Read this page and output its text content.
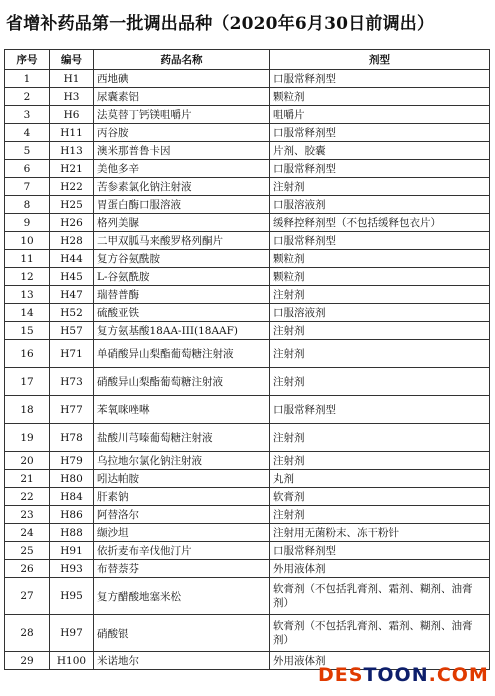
省增补药品第一批调出品种（2020年6月30日前调出）
序号	编号	药品名称	剂型
1	H1	西地碘	口服常释剂型
2	H3	尿囊素铝	颗粒剂
3	H6	法莫替丁钙镁咀嚼片	咀嚼片
4	H11	丙谷胺	口服常释剂型
5	H13	澳米那普鲁卡因	片剂、胶囊
6	H21	美他多辛	口服常释剂型
7	H22	苦参素氯化钠注射液	注射剂
8	H25	胃蛋白酶口服溶液	口服溶液剂
9	H26	格列美脲	缓释控释剂型（不包括缓释包衣片）
10	H28	二甲双胍马来酸罗格列酮片	口服常释剂型
11	H44	复方谷氨酰胺	颗粒剂
12	H45	L-谷氨酰胺	颗粒剂
13	H47	瑞替普酶	注射剂
14	H52	硫酸亚铁	口服溶液剂
15	H57	复方氨基酸18AA-III(18AAF)	注射剂
16	H71	单硝酸异山梨酯葡萄糖注射液	注射剂
17	H73	硝酸异山梨酯葡萄糖注射液	注射剂
18	H77	苯氧咪唑啉	口服常释剂型
19	H78	盐酸川芎嗪葡萄糖注射液	注射剂
20	H79	乌拉地尔氯化钠注射液	注射剂
21	H80	吲达帕胺	丸剂
22	H84	肝素钠	软膏剂
23	H86	阿替洛尔	注射剂
24	H88	缬沙坦	注射用无菌粉末、冻干粉针
25	H91	依折麦布辛伐他汀片	口服常释剂型
26	H93	布替萘芬	外用液体剂
27	H95	复方醋酸地塞米松	软膏剂（不包括乳膏剂、霜剂、糊剂、油膏剂）
28	H97	硝酸银	软膏剂（不包括乳膏剂、霜剂、糊剂、油膏剂）
29	H100	米诺地尔	外用液体剂
DESTOON.COM
